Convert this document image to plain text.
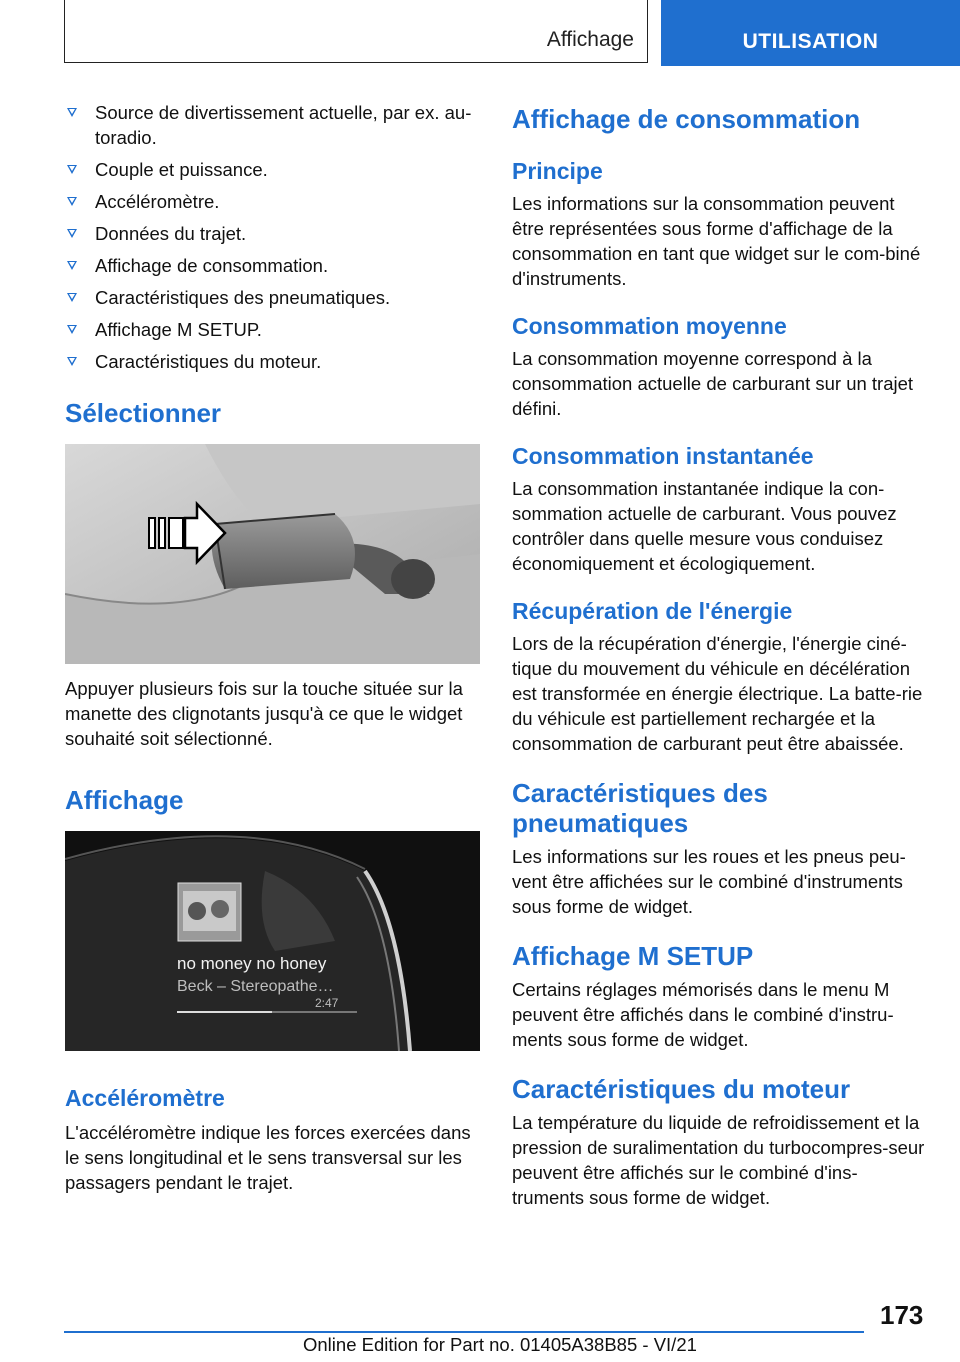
Affichage	UTILISATION
Source de divertissement actuelle, par ex. au-
toradio.
Couple et puissance.
Accéléromètre.
Données du trajet.
Affichage de consommation.
Caractéristiques des pneumatiques.
Affichage M SETUP.
Caractéristiques du moteur.
Sélectionner

Appuyer plusieurs fois sur la touche située sur la manette des clignotants jusqu'à ce que le widget souhaité soit sélectionné.

Affichage
no money no honey
Beck – Stereopathe…
2:47
Accéléromètre

L'accéléromètre indique les forces exercées dans le sens longitudinal et le sens transversal sur les passagers pendant le trajet.

Affichage de consommation
Principe

Les informations sur la consommation peuvent être représentées sous forme d'affichage de la consommation en tant que widget sur le com-biné d'instruments.

Consommation moyenne

La consommation moyenne correspond à la consommation actuelle de carburant sur un trajet défini.

Consommation instantanée

La consommation instantanée indique la con-sommation actuelle de carburant. Vous pouvez contrôler dans quelle mesure vous conduisez économiquement et écologiquement.

Récupération de l'énergie

Lors de la récupération d'énergie, l'énergie ciné-tique du mouvement du véhicule en décélération est transformée en énergie électrique. La batte-rie du véhicule est partiellement rechargée et la consommation de carburant peut être abaissée.

Caractéristiques des pneumatiques

Les informations sur les roues et les pneus peu-vent être affichées sur le combiné d'instruments sous forme de widget.

Affichage M SETUP

Certains réglages mémorisés dans le menu M peuvent être affichés dans le combiné d'instru-ments sous forme de widget.

Caractéristiques du moteur

La température du liquide de refroidissement et la pression de suralimentation du turbocompres-seur peuvent être affichés sur le combiné d'ins-truments sous forme de widget.

173
Online Edition for Part no. 01405A38B85 - VI/21
